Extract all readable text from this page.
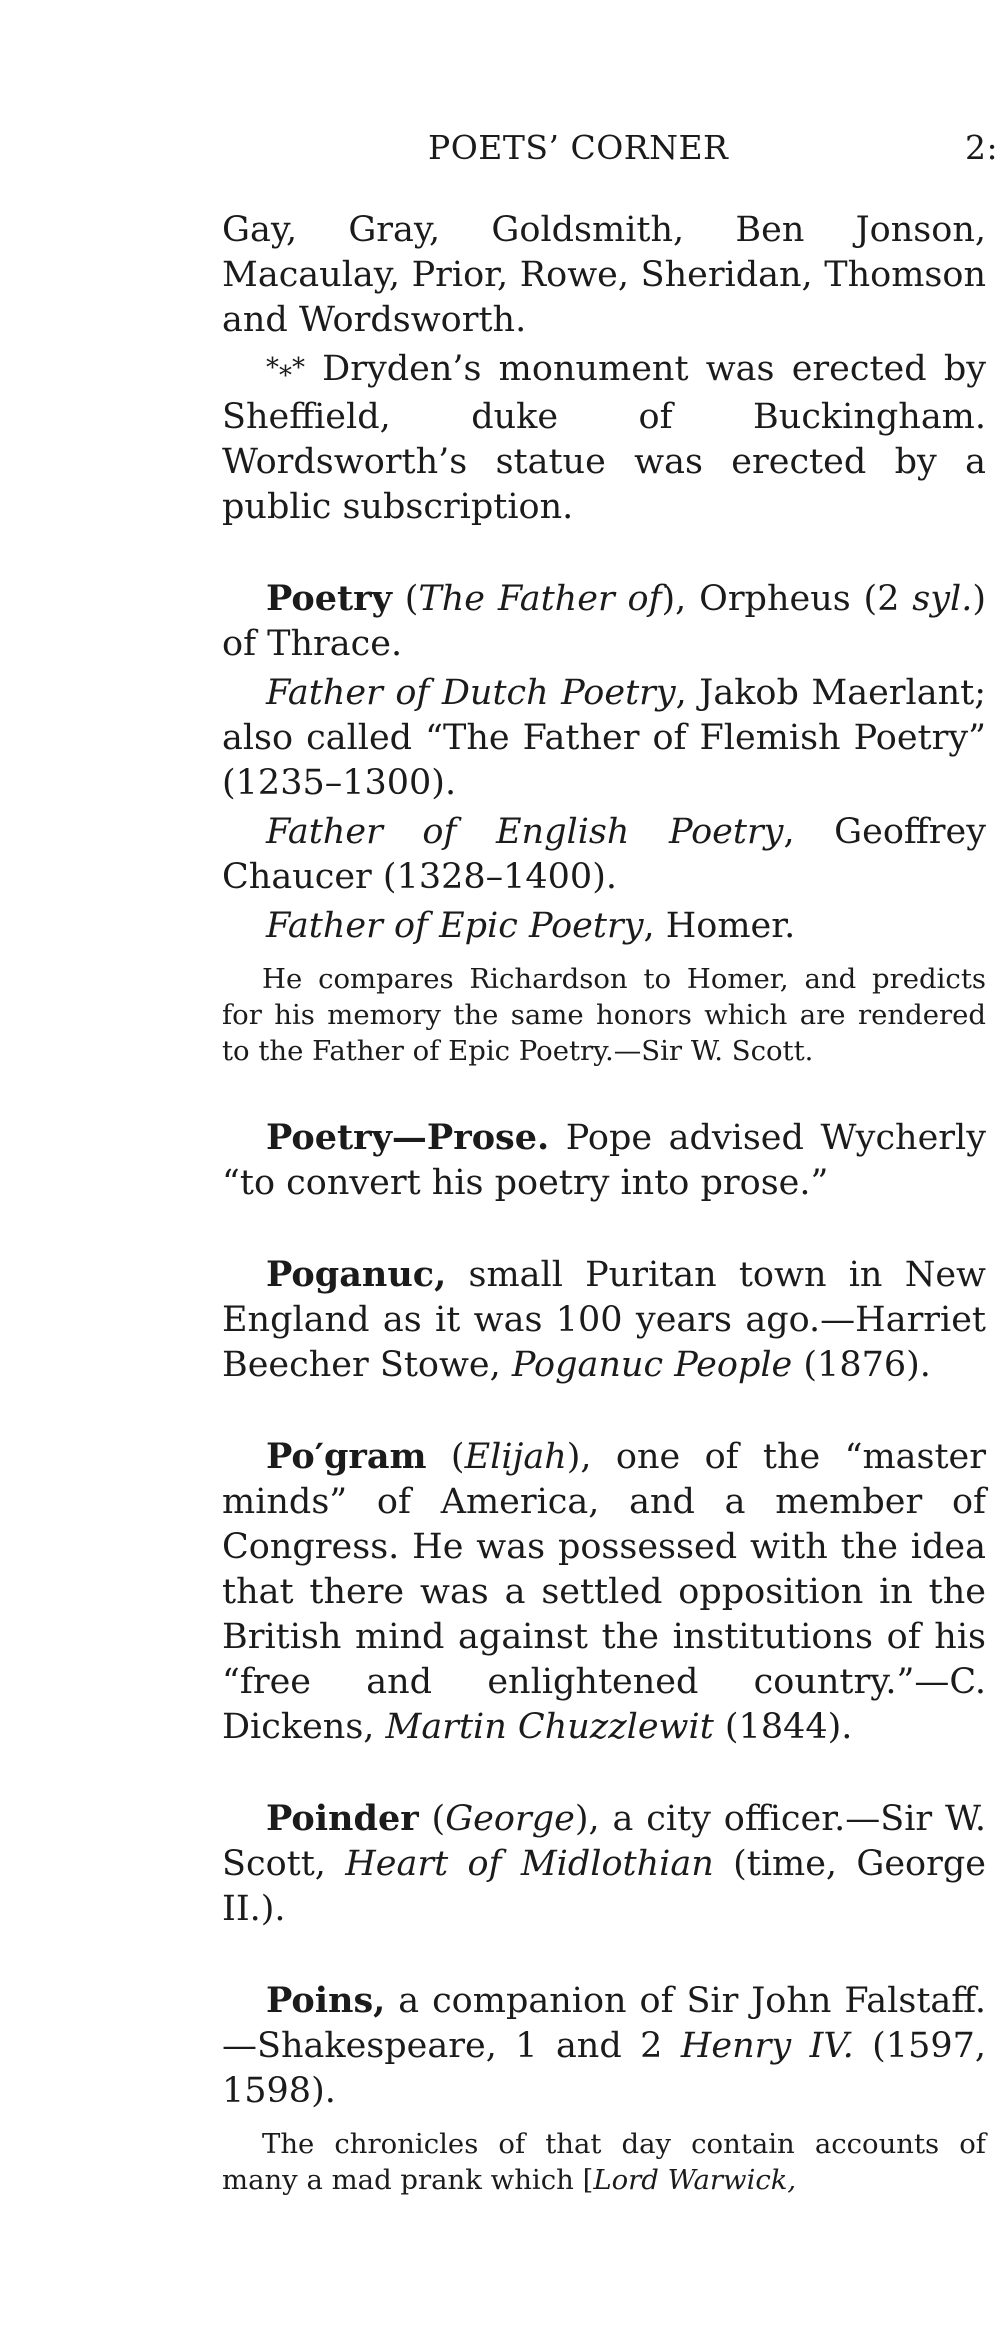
POETS’ CORNER	2:

Gay, Gray, Goldsmith, Ben Jonson, Macaulay, Prior, Rowe, Sheridan, Thomson and Wordsworth.

*⁎* Dryden’s monument was erected by Sheffield, duke of Buckingham. Wordsworth’s statue was erected by a public subscription.

Poetry (The Father of), Orpheus (2 syl.) of Thrace.

Father of Dutch Poetry, Jakob Maerlant; also called “The Father of Flemish Poetry” (1235–1300).

Father of English Poetry, Geoffrey Chaucer (1328–1400).

Father of Epic Poetry, Homer.

He compares Richardson to Homer, and predicts for his memory the same honors which are rendered to the Father of Epic Poetry.—Sir W. Scott.

Poetry—Prose. Pope advised Wycherly “to convert his poetry into prose.”

Poganuc, small Puritan town in New England as it was 100 years ago.—Harriet Beecher Stowe, Poganuc People (1876).

Po′gram (Elijah), one of the “master minds” of America, and a member of Congress. He was possessed with the idea that there was a settled opposition in the British mind against the institutions of his “free and enlightened country.”—C. Dickens, Martin Chuzzlewit (1844).

Poinder (George), a city officer.—Sir W. Scott, Heart of Midlothian (time, George II.).

Poins, a companion of Sir John Falstaff.—Shakespeare, 1 and 2 Henry IV. (1597, 1598).

The chronicles of that day contain accounts of many a mad prank which [Lord Warwick,
